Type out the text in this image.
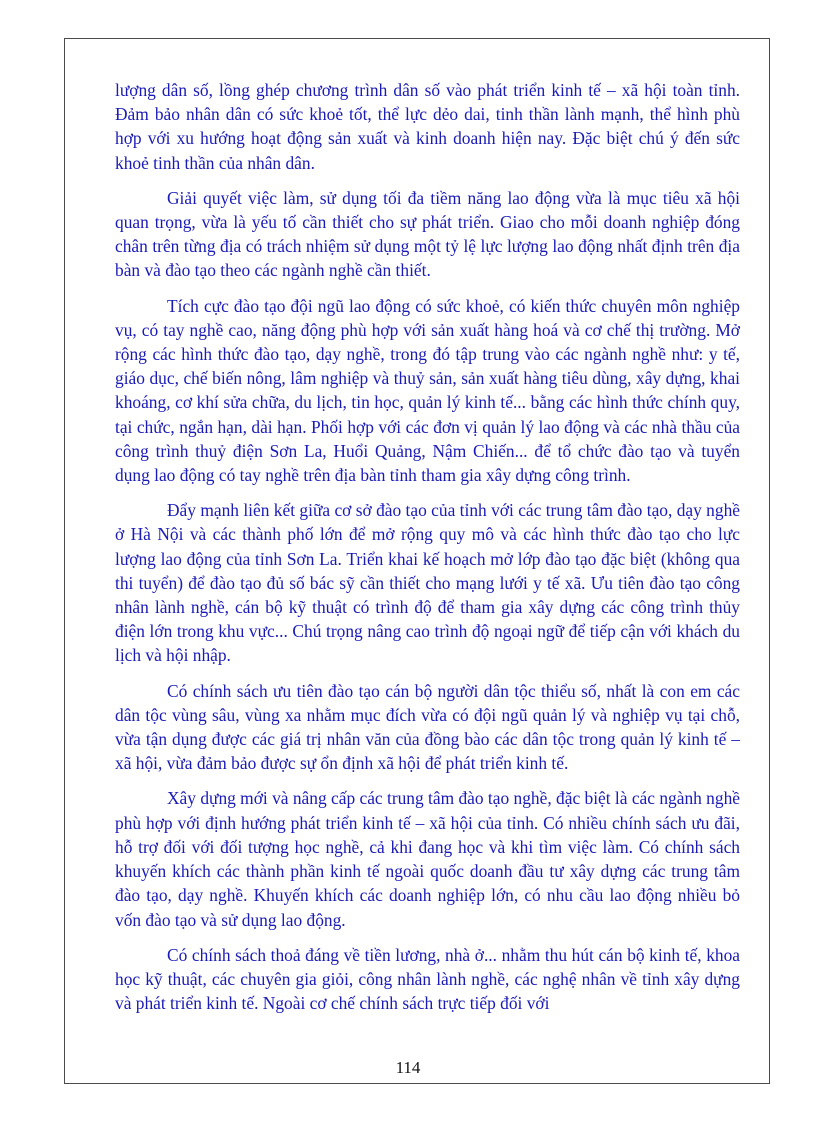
lượng dân số, lồng ghép chương trình dân số vào phát triển kinh tế – xã hội toàn tỉnh. Đảm bảo nhân dân có sức khoẻ tốt, thể lực dẻo dai, tinh thần lành mạnh, thể hình phù hợp với xu hướng hoạt động sản xuất và kinh doanh hiện nay. Đặc biệt chú ý đến sức khoẻ tinh thần của nhân dân.

Giải quyết việc làm, sử dụng tối đa tiềm năng lao động vừa là mục tiêu xã hội quan trọng, vừa là yếu tố cần thiết cho sự phát triển. Giao cho mỗi doanh nghiệp đóng chân trên từng địa có trách nhiệm sử dụng một tỷ lệ lực lượng lao động nhất định trên địa bàn và đào tạo theo các ngành nghề cần thiết.

Tích cực đào tạo đội ngũ lao động có sức khoẻ, có kiến thức chuyên môn nghiệp vụ, có tay nghề cao, năng động phù hợp với sản xuất hàng hoá và cơ chế thị trường. Mở rộng các hình thức đào tạo, dạy nghề, trong đó tập trung vào các ngành nghề như: y tế, giáo dục, chế biến nông, lâm nghiệp và thuỷ sản, sản xuất hàng tiêu dùng, xây dựng, khai khoáng, cơ khí sửa chữa, du lịch, tin học, quản lý kinh tế... bằng các hình thức chính quy, tại chức, ngắn hạn, dài hạn. Phối hợp với các đơn vị quản lý lao động và các nhà thầu của công trình thuỷ điện Sơn La, Huổi Quảng, Nậm Chiến... để tổ chức đào tạo và tuyển dụng lao động có tay nghề trên địa bàn tỉnh tham gia xây dựng công trình.

Đẩy mạnh liên kết giữa cơ sở đào tạo của tỉnh với các trung tâm đào tạo, dạy nghề ở Hà Nội và các thành phố lớn để mở rộng quy mô và các hình thức đào tạo cho lực lượng lao động của tỉnh Sơn La. Triển khai kế hoạch mở lớp đào tạo đặc biệt (không qua thi tuyển) để đào tạo đủ số bác sỹ cần thiết cho mạng lưới y tế xã. Ưu tiên đào tạo công nhân lành nghề, cán bộ kỹ thuật có trình độ để tham gia xây dựng các công trình thủy điện lớn trong khu vực... Chú trọng nâng cao trình độ ngoại ngữ để tiếp cận với khách du lịch và hội nhập.

Có chính sách ưu tiên đào tạo cán bộ người dân tộc thiểu số, nhất là con em các dân tộc vùng sâu, vùng xa nhằm mục đích vừa có đội ngũ quản lý và nghiệp vụ tại chỗ, vừa tận dụng được các giá trị nhân văn của đồng bào các dân tộc trong quản lý kinh tế – xã hội, vừa đảm bảo được sự ổn định xã hội để phát triển kinh tế.

Xây dựng mới và nâng cấp các trung tâm đào tạo nghề, đặc biệt là các ngành nghề phù hợp với định hướng phát triển kinh tế – xã hội của tỉnh. Có nhiều chính sách ưu đãi, hỗ trợ đối với đối tượng học nghề, cả khi đang học và khi tìm việc làm. Có chính sách khuyến khích các thành phần kinh tế ngoài quốc doanh đầu tư xây dựng các trung tâm đào tạo, dạy nghề. Khuyến khích các doanh nghiệp lớn, có nhu cầu lao động nhiều bỏ vốn đào tạo và sử dụng lao động.

Có chính sách thoả đáng về tiền lương, nhà ở... nhằm thu hút cán bộ kinh tế, khoa học kỹ thuật, các chuyên gia giỏi, công nhân lành nghề, các nghệ nhân về tỉnh xây dựng và phát triển kinh tế. Ngoài cơ chế chính sách trực tiếp đối với

114
